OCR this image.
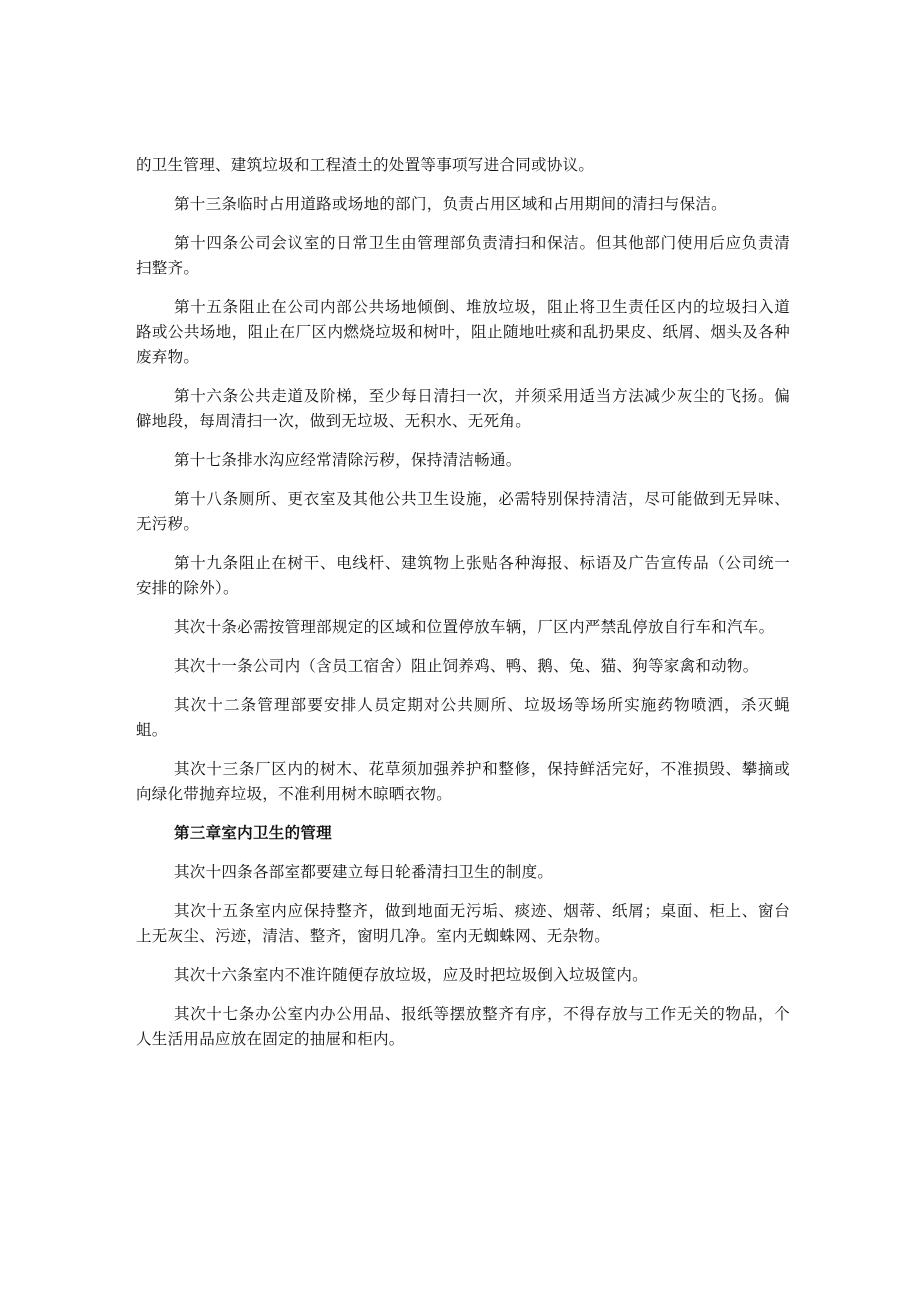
的卫生管理、建筑垃圾和工程渣土的处置等事项写进合同或协议。

第十三条临时占用道路或场地的部门，负责占用区域和占用期间的清扫与保洁。

第十四条公司会议室的日常卫生由管理部负责清扫和保洁。但其他部门使用后应负责清扫整齐。

第十五条阻止在公司内部公共场地倾倒、堆放垃圾，阻止将卫生责任区内的垃圾扫入道路或公共场地，阻止在厂区内燃烧垃圾和树叶，阻止随地吐痰和乱扔果皮、纸屑、烟头及各种废弃物。

第十六条公共走道及阶梯，至少每日清扫一次，并须采用适当方法减少灰尘的飞扬。偏僻地段，每周清扫一次，做到无垃圾、无积水、无死角。

第十七条排水沟应经常清除污秽，保持清洁畅通。

第十八条厕所、更衣室及其他公共卫生设施，必需特别保持清洁，尽可能做到无异味、无污秽。

第十九条阻止在树干、电线杆、建筑物上张贴各种海报、标语及广告宣传品（公司统一安排的除外）。

其次十条必需按管理部规定的区域和位置停放车辆，厂区内严禁乱停放自行车和汽车。

其次十一条公司内（含员工宿舍）阻止饲养鸡、鸭、鹅、兔、猫、狗等家禽和动物。

其次十二条管理部要安排人员定期对公共厕所、垃圾场等场所实施药物喷洒，杀灭蝇蛆。

其次十三条厂区内的树木、花草须加强养护和整修，保持鲜活完好，不准损毁、攀摘或向绿化带抛弃垃圾，不准利用树木晾晒衣物。

第三章室内卫生的管理

其次十四条各部室都要建立每日轮番清扫卫生的制度。

其次十五条室内应保持整齐，做到地面无污垢、痰迹、烟蒂、纸屑；桌面、柜上、窗台上无灰尘、污迹，清洁、整齐，窗明几净。室内无蜘蛛网、无杂物。

其次十六条室内不准许随便存放垃圾，应及时把垃圾倒入垃圾筐内。

其次十七条办公室内办公用品、报纸等摆放整齐有序，不得存放与工作无关的物品，个人生活用品应放在固定的抽屉和柜内。
